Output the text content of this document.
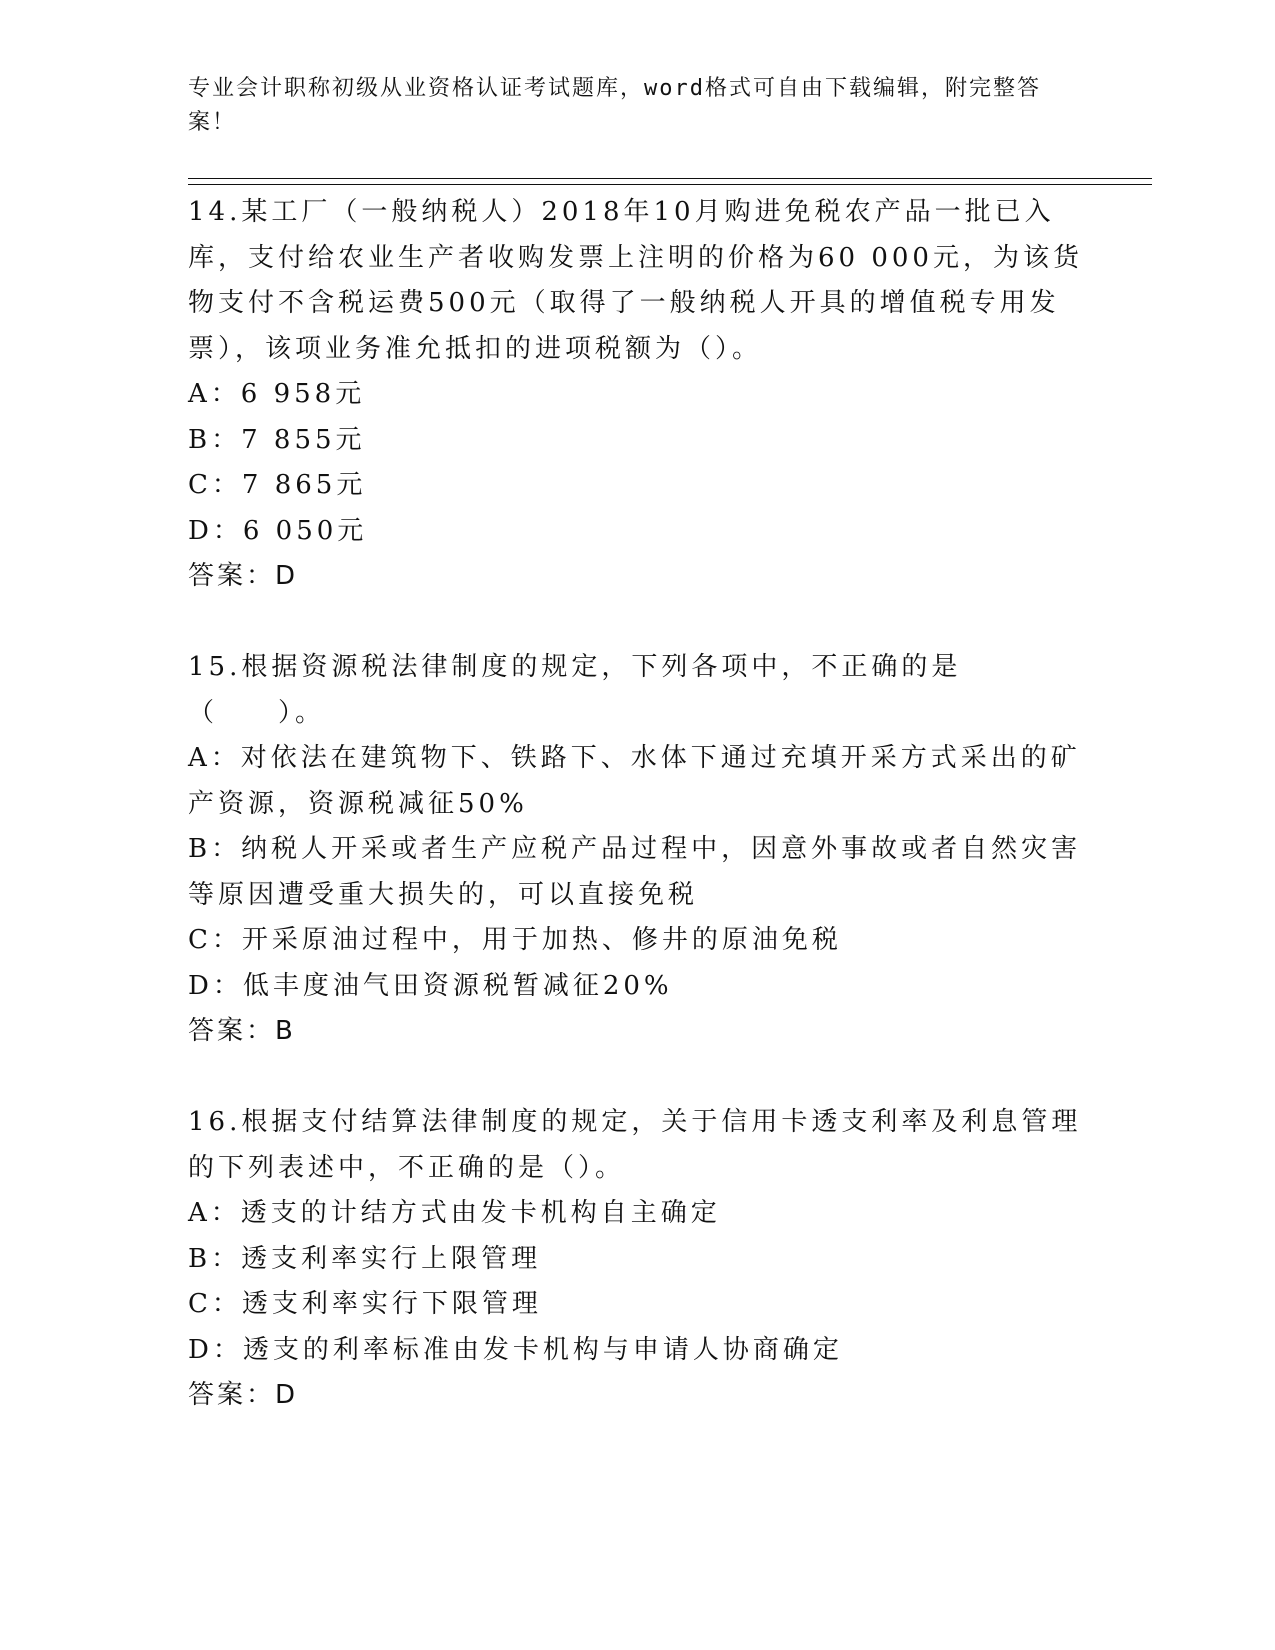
专业会计职称初级从业资格认证考试题库，word格式可自由下载编辑，附完整答案！
14.某工厂（一般纳税人）2018年10月购进免税农产品一批已入库，支付给农业生产者收购发票上注明的价格为60 000元，为该货物支付不含税运费500元（取得了一般纳税人开具的增值税专用发票），该项业务准允抵扣的进项税额为（）。
A：6 958元
B：7 855元
C：7 865元
D：6 050元
答案：D
15.根据资源税法律制度的规定，下列各项中，不正确的是（　　）。
A：对依法在建筑物下、铁路下、水体下通过充填开采方式采出的矿产资源，资源税减征50%
B：纳税人开采或者生产应税产品过程中，因意外事故或者自然灾害等原因遭受重大损失的，可以直接免税
C：开采原油过程中，用于加热、修井的原油免税
D：低丰度油气田资源税暂减征20%
答案：B
16.根据支付结算法律制度的规定，关于信用卡透支利率及利息管理的下列表述中，不正确的是（）。
A：透支的计结方式由发卡机构自主确定
B：透支利率实行上限管理
C：透支利率实行下限管理
D：透支的利率标准由发卡机构与申请人协商确定
答案：D
